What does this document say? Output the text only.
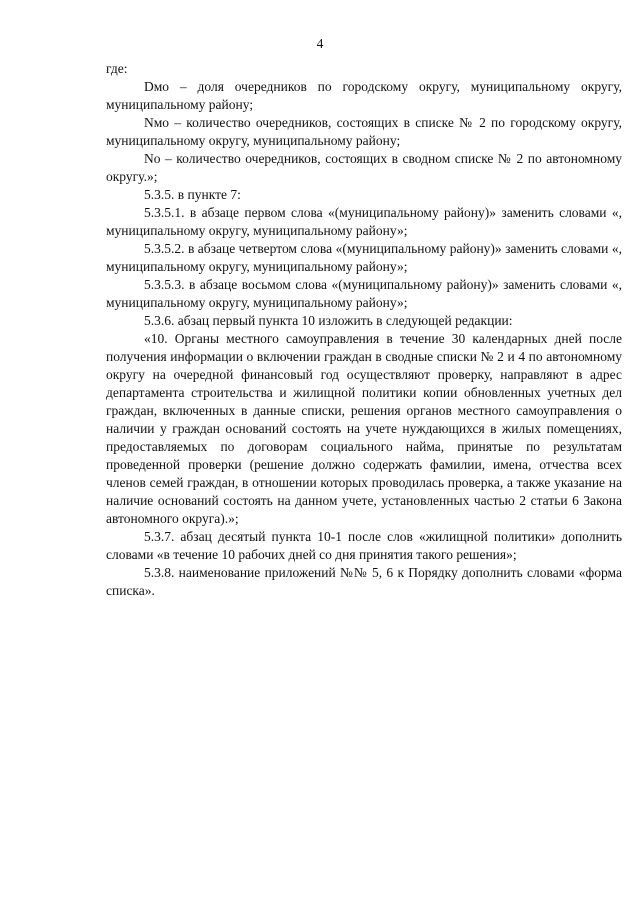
4

где:

Dмо – доля очередников по городскому округу, муниципальному округу, муниципальному району;

Nмо – количество очередников, состоящих в списке № 2 по городскому округу, муниципальному округу, муниципальному району;

Nо – количество очередников, состоящих в сводном списке № 2 по автономному округу.»;

5.3.5. в пункте 7:

5.3.5.1. в абзаце первом слова «(муниципальному району)» заменить словами «, муниципальному округу, муниципальному району»;

5.3.5.2. в абзаце четвертом слова «(муниципальному району)» заменить словами «, муниципальному округу, муниципальному району»;

5.3.5.3. в абзаце восьмом слова «(муниципальному району)» заменить словами «, муниципальному округу, муниципальному району»;

5.3.6. абзац первый пункта 10 изложить в следующей редакции:

«10. Органы местного самоуправления в течение 30 календарных дней после получения информации о включении граждан в сводные списки № 2 и 4 по автономному округу на очередной финансовый год осуществляют проверку, направляют в адрес департамента строительства и жилищной политики копии обновленных учетных дел граждан, включенных в данные списки, решения органов местного самоуправления о наличии у граждан оснований состоять на учете нуждающихся в жилых помещениях, предоставляемых по договорам социального найма, принятые по результатам проведенной проверки (решение должно содержать фамилии, имена, отчества всех членов семей граждан, в отношении которых проводилась проверка, а также указание на наличие оснований состоять на данном учете, установленных частью 2 статьи 6 Закона автономного округа).»;

5.3.7. абзац десятый пункта 10-1 после слов «жилищной политики» дополнить словами «в течение 10 рабочих дней со дня принятия такого решения»;

5.3.8. наименование приложений №№ 5, 6 к Порядку дополнить словами «форма списка».
